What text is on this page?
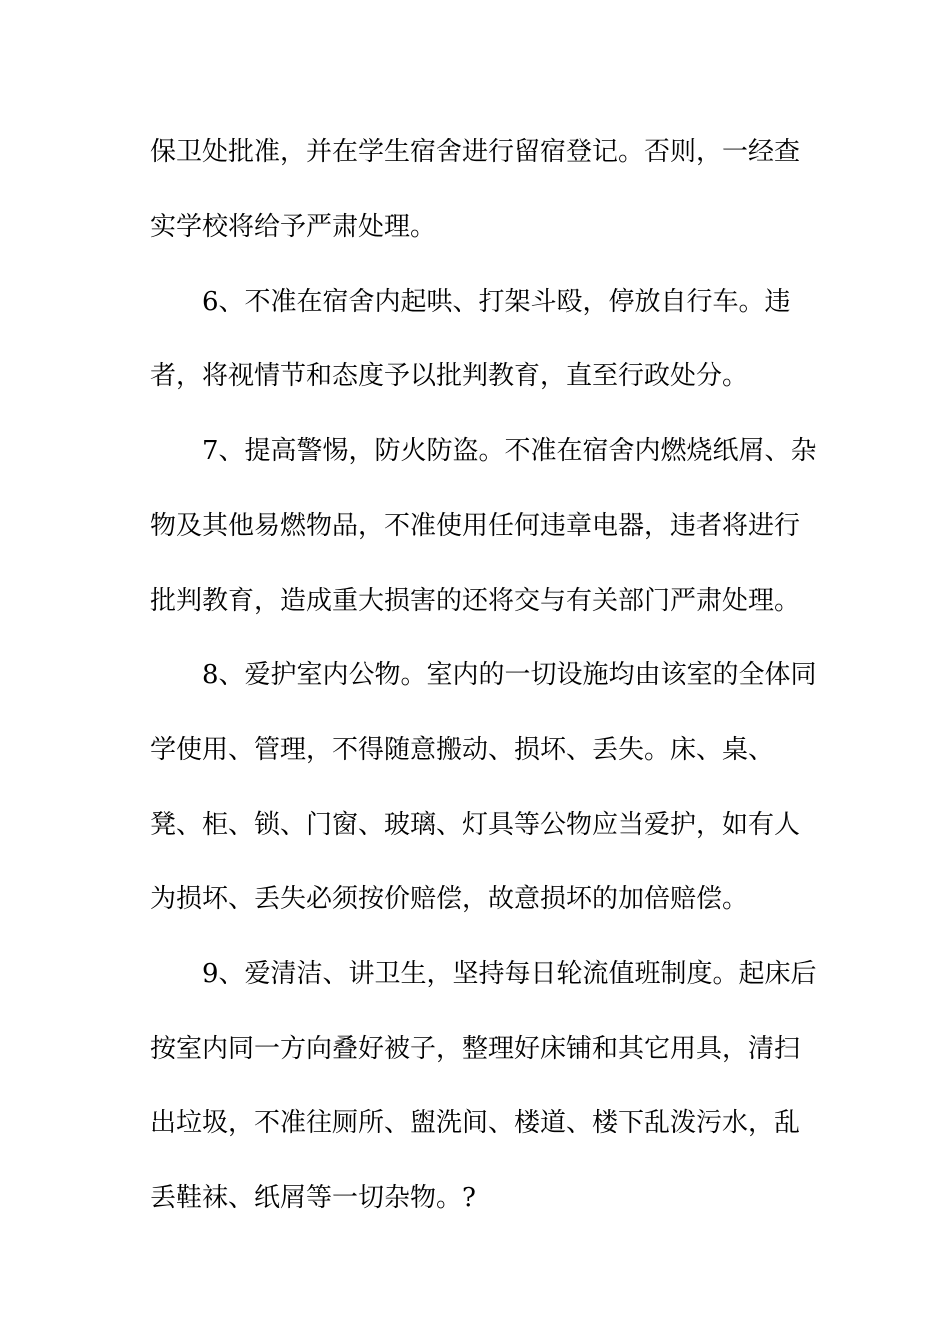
保卫处批准，并在学生宿舍进行留宿登记。否则，一经查

实学校将给予严肃处理。

6、不准在宿舍内起哄、打架斗殴，停放自行车。违

者，将视情节和态度予以批判教育，直至行政处分。

7、提高警惕，防火防盗。不准在宿舍内燃烧纸屑、杂

物及其他易燃物品，不准使用任何违章电器，违者将进行

批判教育，造成重大损害的还将交与有关部门严肃处理。

8、爱护室内公物。室内的一切设施均由该室的全体同

学使用、管理，不得随意搬动、损坏、丢失。床、桌、

凳、柜、锁、门窗、玻璃、灯具等公物应当爱护，如有人

为损坏、丢失必须按价赔偿，故意损坏的加倍赔偿。

9、爱清洁、讲卫生，坚持每日轮流值班制度。起床后

按室内同一方向叠好被子，整理好床铺和其它用具，清扫

出垃圾，不准往厕所、盥洗间、楼道、楼下乱泼污水，乱

丢鞋袜、纸屑等一切杂物。?
